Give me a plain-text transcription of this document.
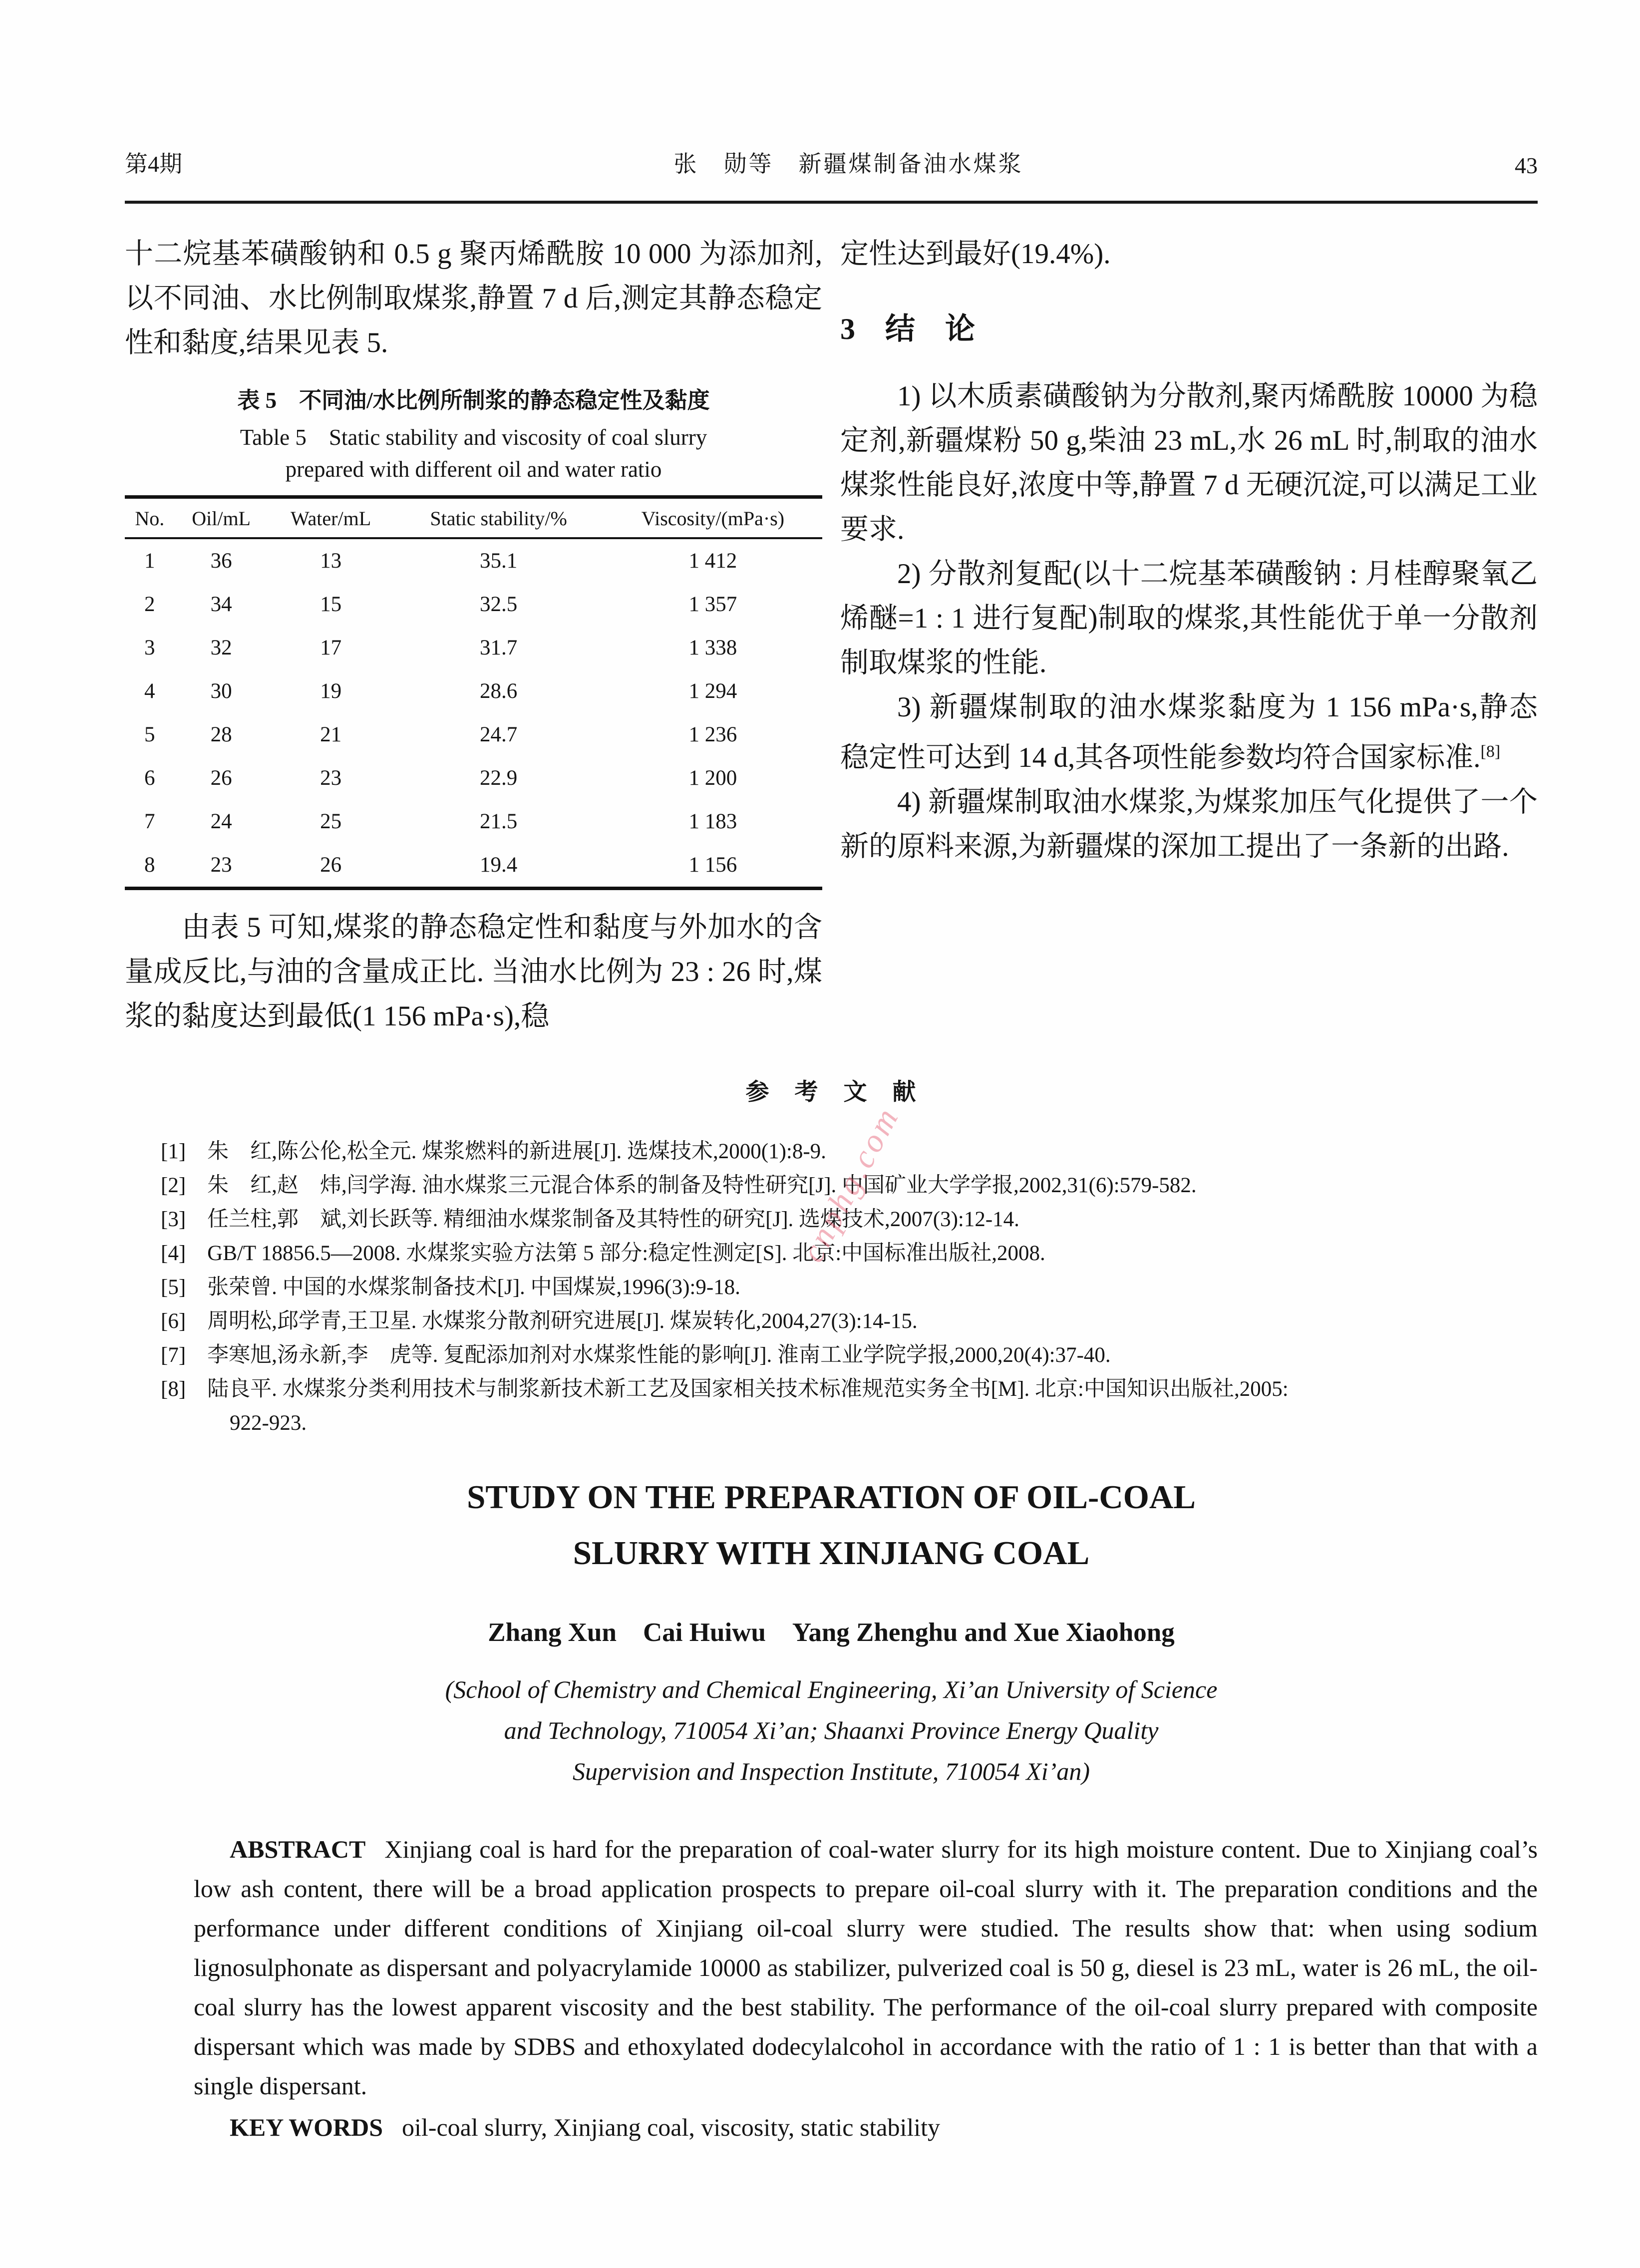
第4期	张　勋等　新疆煤制备油水煤浆	43

十二烷基苯磺酸钠和 0.5 g 聚丙烯酰胺 10 000 为添加剂,以不同油、水比例制取煤浆,静置 7 d 后,测定其静态稳定性和黏度,结果见表 5.

表 5　不同油/水比例所制浆的静态稳定性及黏度
Table 5　Static stability and viscosity of coal slurry
prepared with different oil and water ratio
No.	Oil/mL	Water/mL	Static stability/%	Viscosity/(mPa·s)
1	36	13	35.1	1 412
2	34	15	32.5	1 357
3	32	17	31.7	1 338
4	30	19	28.6	1 294
5	28	21	24.7	1 236
6	26	23	22.9	1 200
7	24	25	21.5	1 183
8	23	26	19.4	1 156

由表 5 可知,煤浆的静态稳定性和黏度与外加水的含量成反比,与油的含量成正比. 当油水比例为 23 : 26 时,煤浆的黏度达到最低(1 156 mPa·s),稳

定性达到最好(19.4%).

3　结　论

1) 以木质素磺酸钠为分散剂,聚丙烯酰胺 10000 为稳定剂,新疆煤粉 50 g,柴油 23 mL,水 26 mL 时,制取的油水煤浆性能良好,浓度中等,静置 7 d 无硬沉淀,可以满足工业要求.

2) 分散剂复配(以十二烷基苯磺酸钠 : 月桂醇聚氧乙烯醚=1 : 1 进行复配)制取的煤浆,其性能优于单一分散剂制取煤浆的性能.

3) 新疆煤制取的油水煤浆黏度为 1 156 mPa·s,静态稳定性可达到 14 d,其各项性能参数均符合国家标准.[8]

4) 新疆煤制取油水煤浆,为煤浆加压气化提供了一个新的原料来源,为新疆煤的深加工提出了一条新的出路.

参　考　文　献
[1]　朱　红,陈公伦,松全元. 煤浆燃料的新进展[J]. 选煤技术,2000(1):8-9.
[2]　朱　红,赵　炜,闫学海. 油水煤浆三元混合体系的制备及特性研究[J]. 中国矿业大学学报,2002,31(6):579-582.
[3]　任兰柱,郭　斌,刘长跃等. 精细油水煤浆制备及其特性的研究[J]. 选煤技术,2007(3):12-14.
[4]　GB/T 18856.5—2008. 水煤浆实验方法第 5 部分:稳定性测定[S]. 北京:中国标准出版社,2008.
[5]　张荣曾. 中国的水煤浆制备技术[J]. 中国煤炭,1996(3):9-18.
[6]　周明松,邱学青,王卫星. 水煤浆分散剂研究进展[J]. 煤炭转化,2004,27(3):14-15.
[7]　李寒旭,汤永新,李　虎等. 复配添加剂对水煤浆性能的影响[J]. 淮南工业学院学报,2000,20(4):37-40.
[8]　陆良平. 水煤浆分类利用技术与制浆新技术新工艺及国家相关技术标准规范实务全书[M]. 北京:中国知识出版社,2005:
922-923.
STUDY ON THE PREPARATION OF OIL-COAL
SLURRY WITH XINJIANG COAL
Zhang Xun　Cai Huiwu　Yang Zhenghu and Xue Xiaohong
(School of Chemistry and Chemical Engineering, Xi’an University of Science
and Technology, 710054 Xi’an; Shaanxi Province Energy Quality
Supervision and Inspection Institute, 710054 Xi’an)

ABSTRACT Xinjiang coal is hard for the preparation of coal-water slurry for its high moisture content. Due to Xinjiang coal’s low ash content, there will be a broad application prospects to prepare oil-coal slurry with it. The preparation conditions and the performance under different conditions of Xinjiang oil-coal slurry were studied. The results show that: when using sodium lignosulphonate as dispersant and polyacrylamide 10000 as stabilizer, pulverized coal is 50 g, diesel is 23 mL, water is 26 mL, the oil-coal slurry has the lowest apparent viscosity and the best stability. The performance of the oil-coal slurry prepared with composite dispersant which was made by SDBS and ethoxylated dodecylalcohol in accordance with the ratio of 1 : 1 is better than that with a single dispersant.

KEY WORDS oil-coal slurry, Xinjiang coal, viscosity, static stability

cnphg.com
